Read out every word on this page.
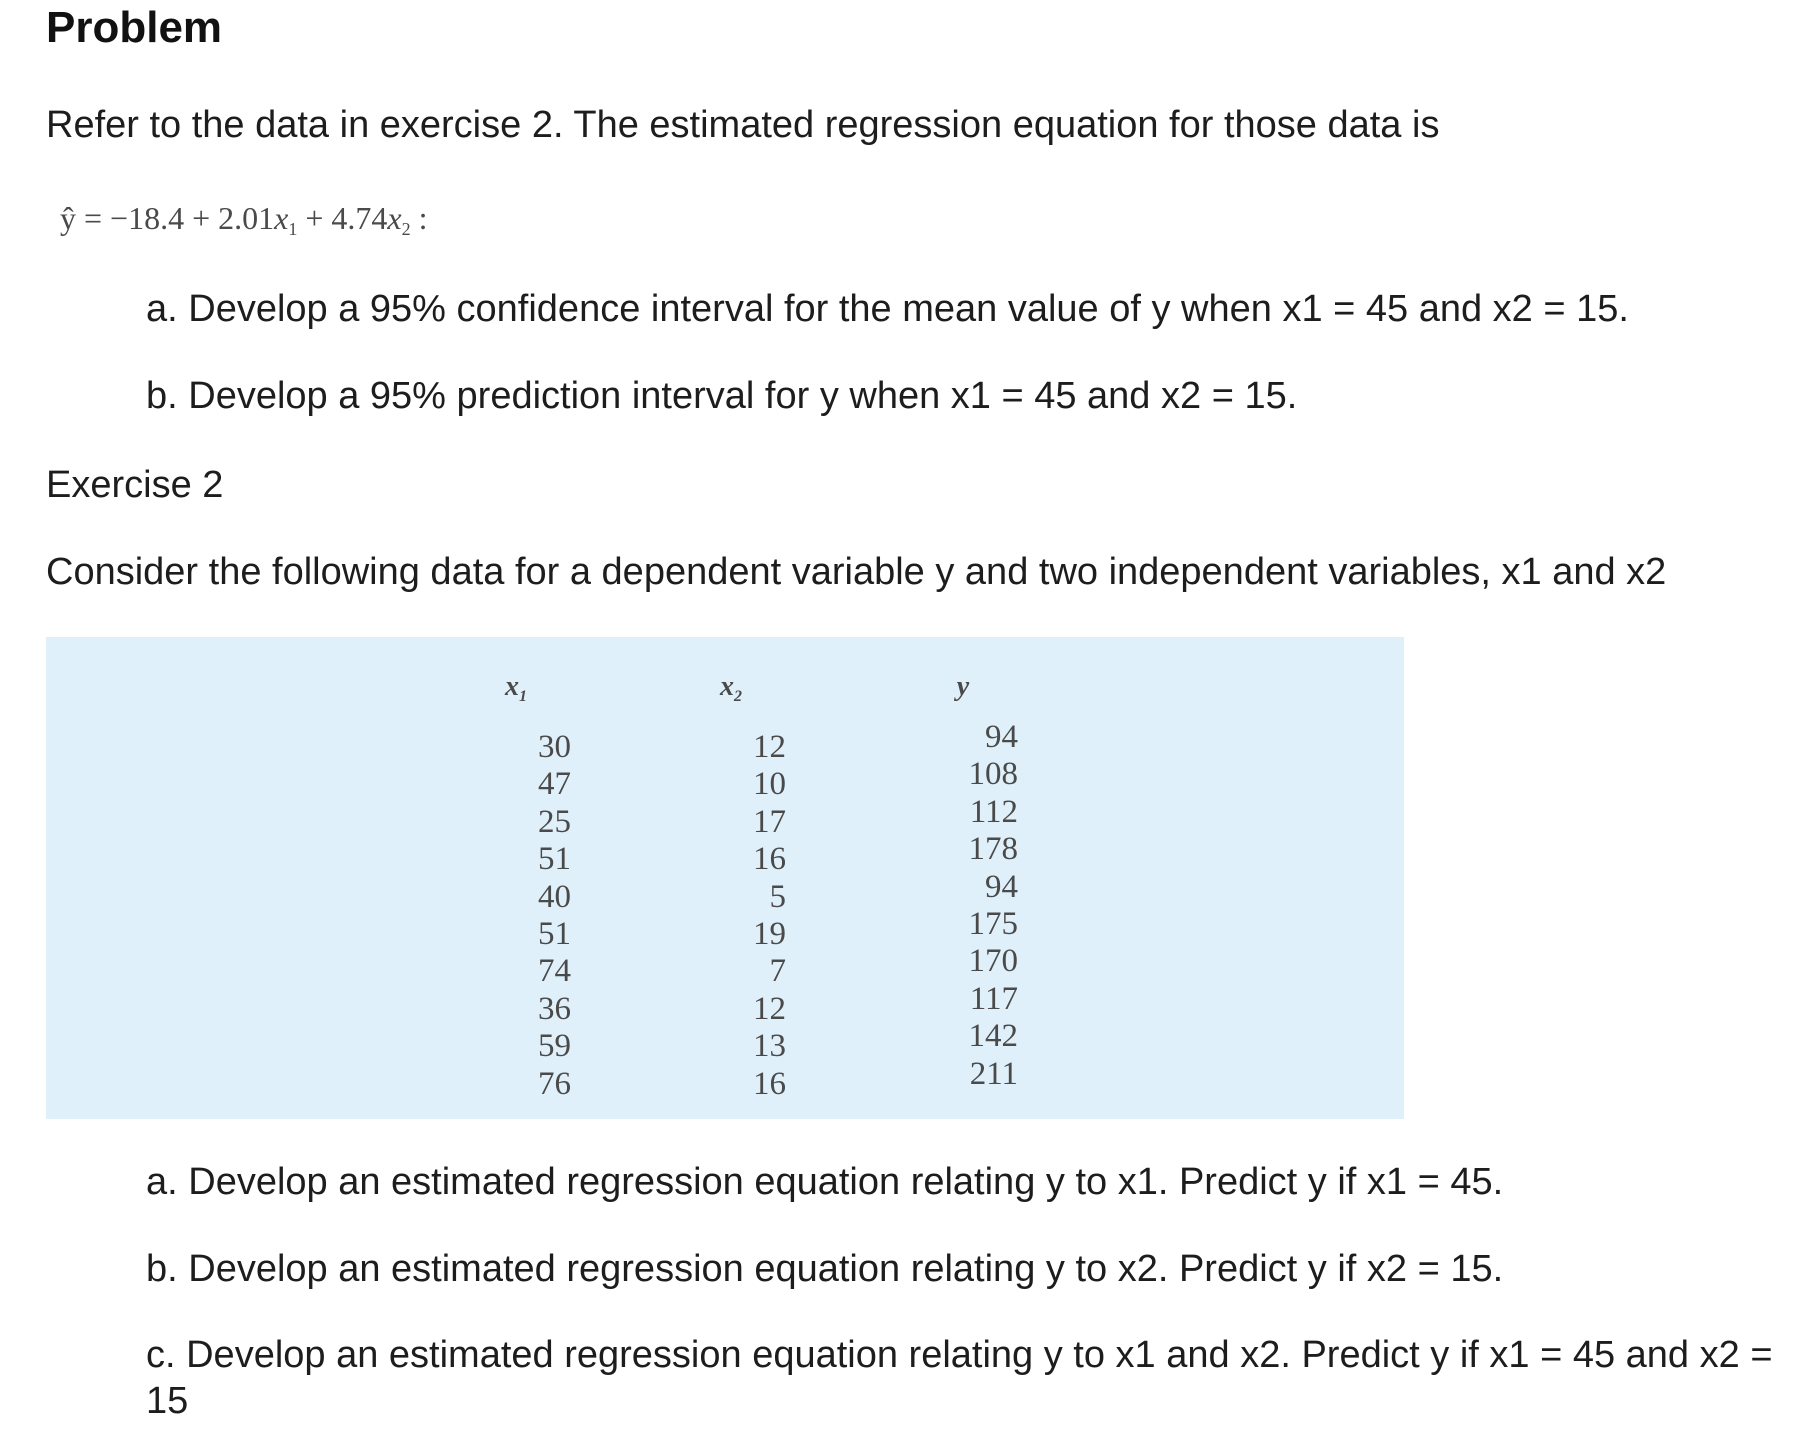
Problem

Refer to the data in exercise 2. The estimated regression equation for those data is

ŷ = $-18.4 + 2.01x_1 + 4.74x_2$ :

a. Develop a 95% confidence interval for the mean value of y when x1 = 45 and x2 = 15.

b. Develop a 95% prediction interval for y when x1 = 45 and x2 = 15.

Exercise 2

Consider the following data for a dependent variable y and two independent variables, x1 and x2

$x_1$
30
47
25
51
40
51
74
36
59
76
$x_2$
12
10
17
16
5
19
7
12
13
16
y
94
108
112
178
94
175
170
117
142
211

a. Develop an estimated regression equation relating y to x1. Predict y if x1 = 45.

b. Develop an estimated regression equation relating y to x2. Predict y if x2 = 15.

c. Develop an estimated regression equation relating y to x1 and x2. Predict y if x1 = 45 and x2 = 15
